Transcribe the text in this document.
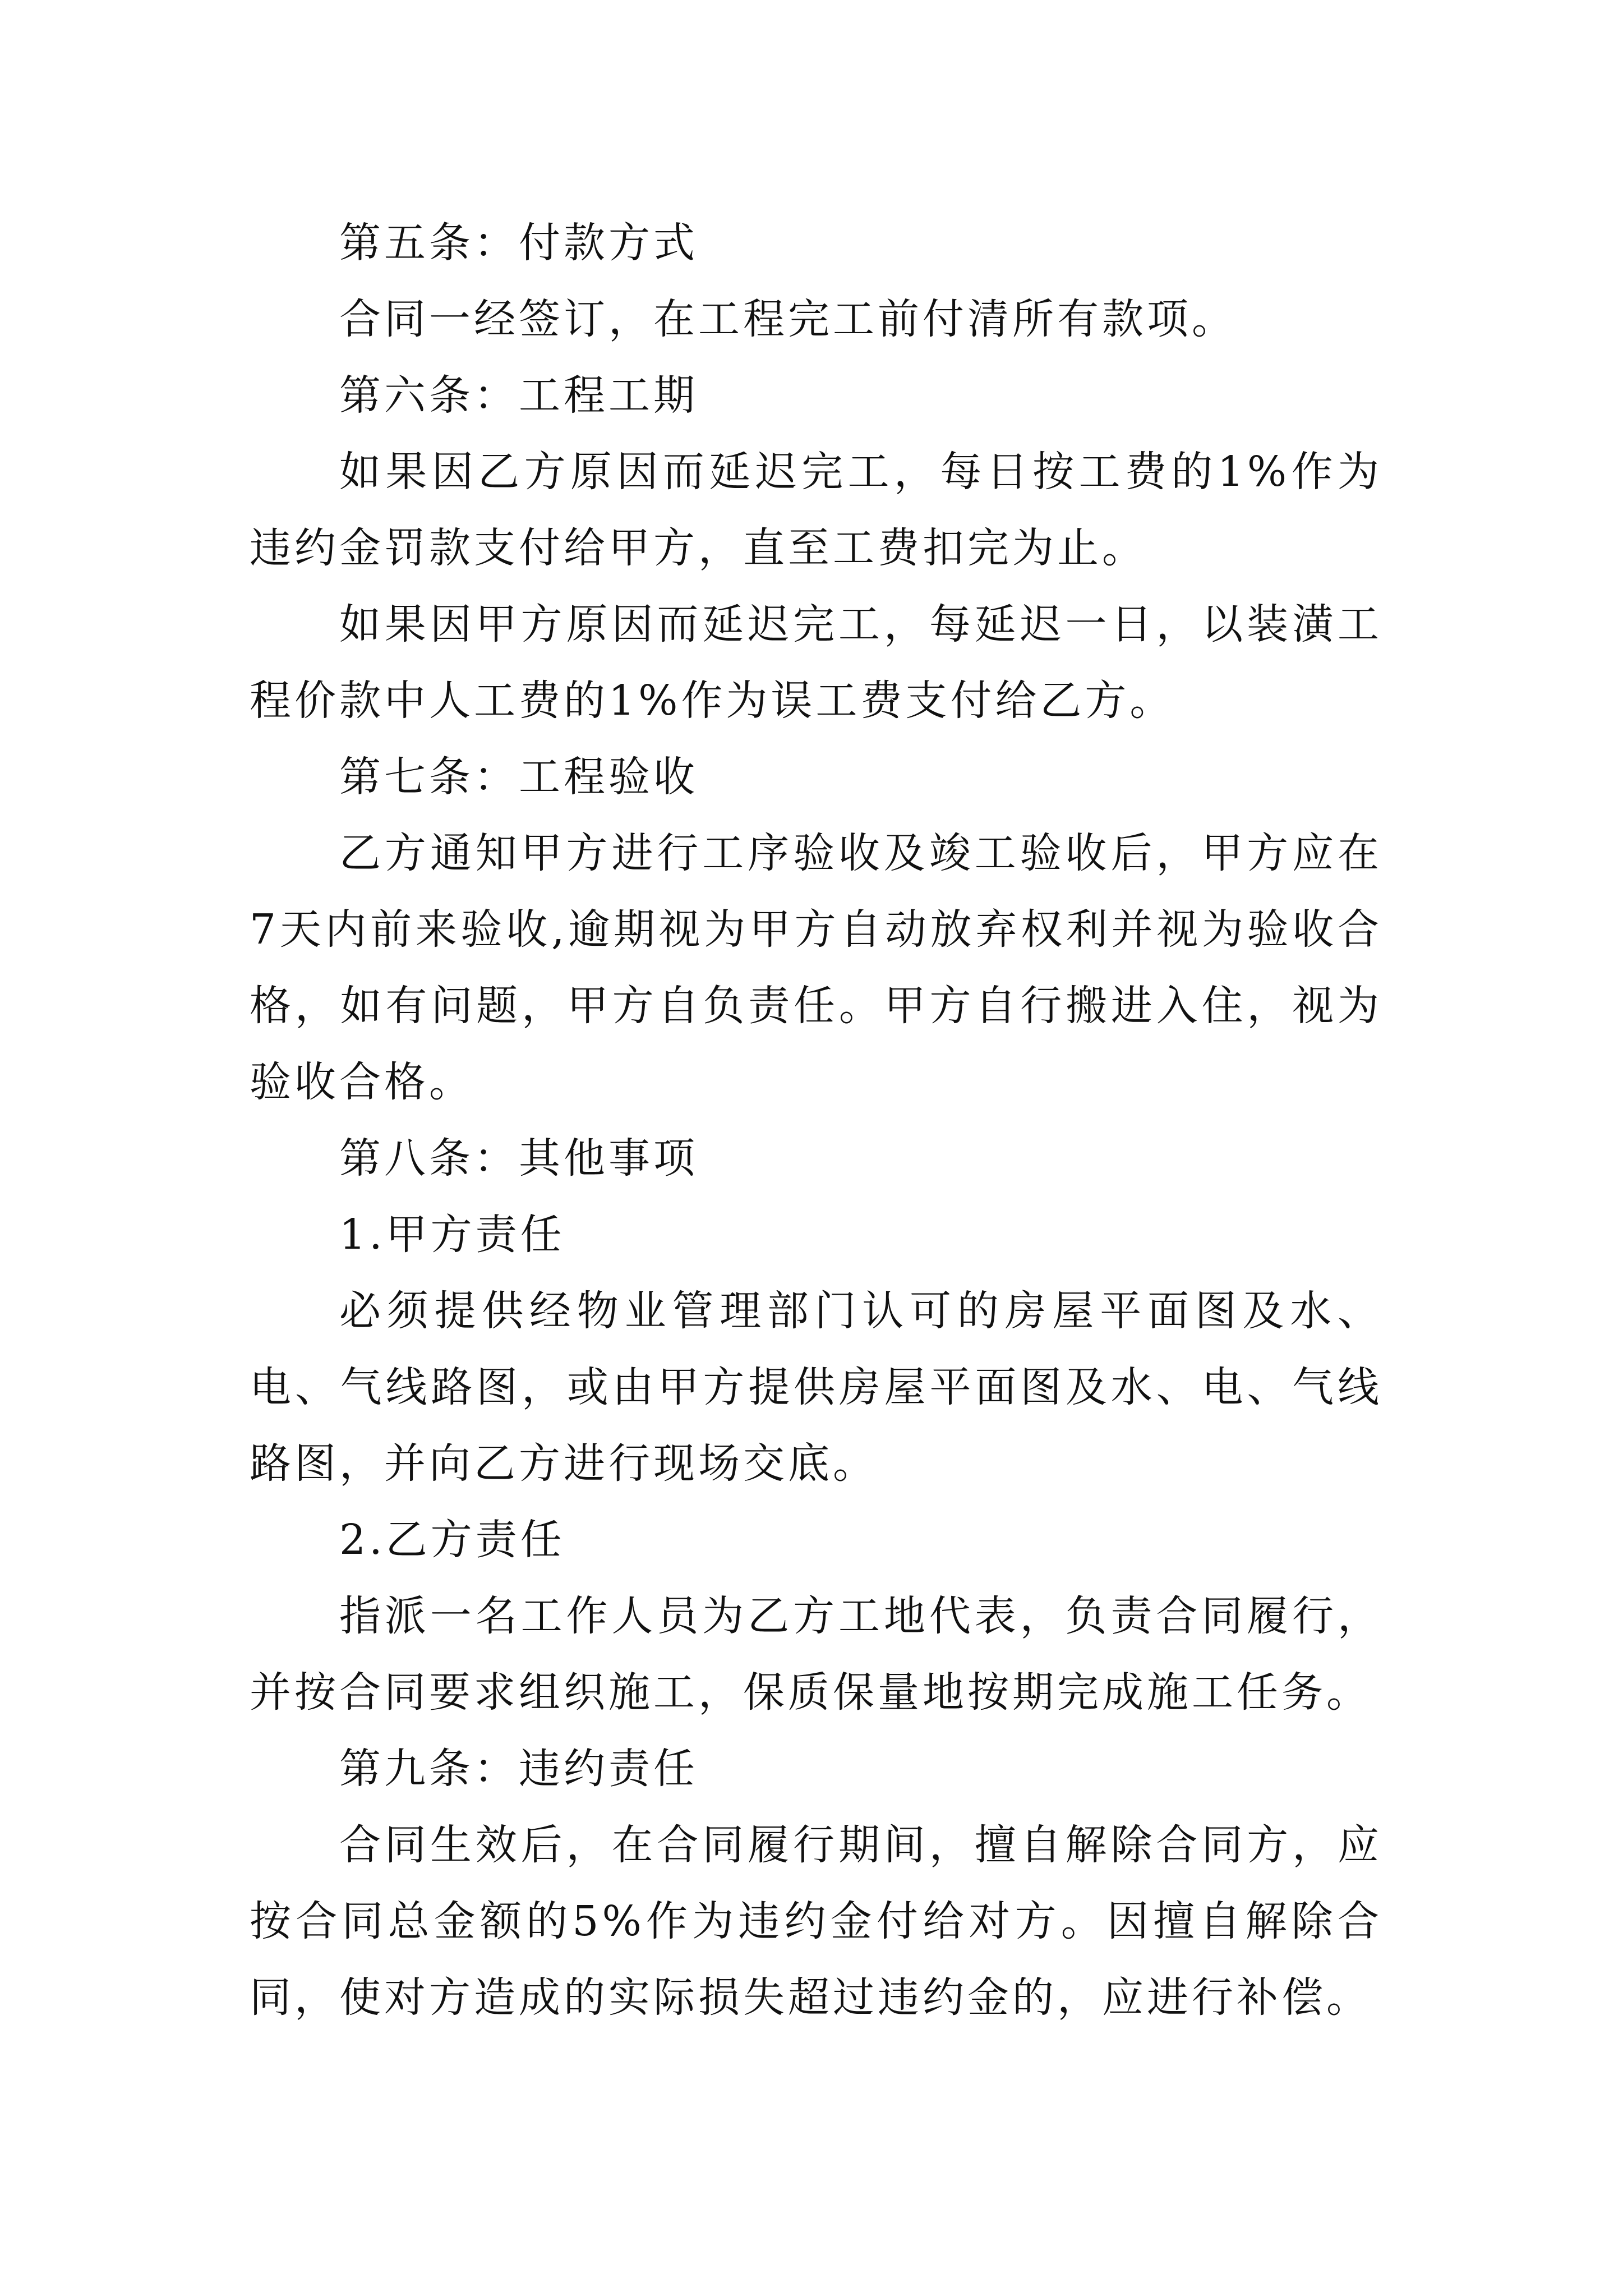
第五条：付款方式

合同一经签订，在工程完工前付清所有款项。

第六条：工程工期

如果因乙方原因而延迟完工，每日按工费的1%作为违约金罚款支付给甲方，直至工费扣完为止。

如果因甲方原因而延迟完工，每延迟一日，以装潢工程价款中人工费的1%作为误工费支付给乙方。

第七条：工程验收

乙方通知甲方进行工序验收及竣工验收后，甲方应在7天内前来验收,逾期视为甲方自动放弃权利并视为验收合格，如有问题，甲方自负责任。甲方自行搬进入住，视为验收合格。

第八条：其他事项

1.甲方责任

必须提供经物业管理部门认可的房屋平面图及水、电、气线路图，或由甲方提供房屋平面图及水、电、气线路图，并向乙方进行现场交底。

2.乙方责任

指派一名工作人员为乙方工地代表，负责合同履行，并按合同要求组织施工，保质保量地按期完成施工任务。

第九条：违约责任

合同生效后，在合同履行期间，擅自解除合同方，应按合同总金额的5%作为违约金付给对方。因擅自解除合同，使对方造成的实际损失超过违约金的，应进行补偿。
